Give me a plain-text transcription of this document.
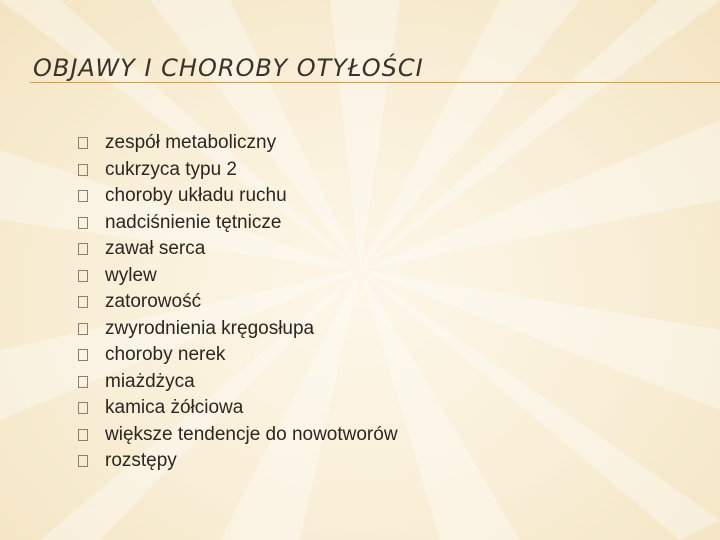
OBJAWY I CHOROBY OTYŁOŚCI
zespół metaboliczny
cukrzyca typu 2
choroby układu ruchu
nadciśnienie tętnicze
zawał serca
wylew
zatorowość
zwyrodnienia kręgosłupa
choroby nerek
miażdżyca
kamica żółciowa
większe tendencje do nowotworów
rozstępy
